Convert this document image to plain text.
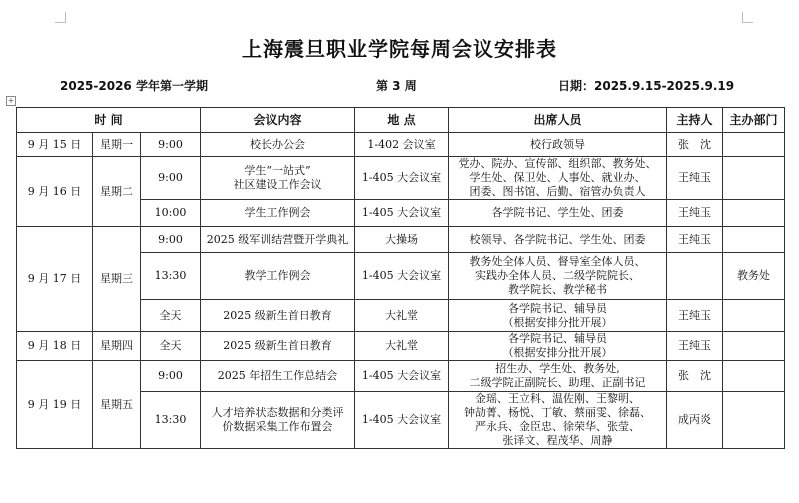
上海震旦职业学院每周会议安排表
2025-2026 学年第一学期	第 3 周	日期：2025.9.15-2025.9.19
+
时 间			会议内容	地 点	出席人员	主持人	主办部门
9 月 15 日	星期一	9:00	校长办公会	1-402 会议室	校行政领导	张　沈	
9 月 16 日	星期二	9:00	学生“一站式”
社区建设工作会议	1-405 大会议室	党办、院办、宣传部、组织部、教务处、
学生处、保卫处、人事处、就业办、
团委、图书馆、后勤、宿管办负责人	王纯玉	
		10:00	学生工作例会	1-405 大会议室	各学院书记、学生处、团委	王纯玉	
9 月 17 日	星期三	9:00	2025 级军训结营暨开学典礼	大操场	校领导、各学院书记、学生处、团委	王纯玉	
		13:30	教学工作例会	1-405 大会议室	教务处全体人员、督导室全体人员、
实践办全体人员、二级学院院长、
教学院长、教学秘书		教务处
		全天	2025 级新生首日教育	大礼堂	各学院书记、辅导员
（根据安排分批开展）	王纯玉	
9 月 18 日	星期四	全天	2025 级新生首日教育	大礼堂	各学院书记、辅导员
（根据安排分批开展）	王纯玉	
9 月 19 日	星期五	9:00	2025 年招生工作总结会	1-405 大会议室	招生办、学生处、教务处,
二级学院正副院长、助理、正副书记	张　沈	
		13:30	人才培养状态数据和分类评
价数据采集工作布置会	1-405 大会议室	金瑶、王立科、温佐刚、王黎明、
钟劼菁、杨悦、丁敏、蔡丽雯、徐磊、
严永兵、金臣忠、徐荣华、张莹、
张译文、程茂华、周静	成丙炎	
